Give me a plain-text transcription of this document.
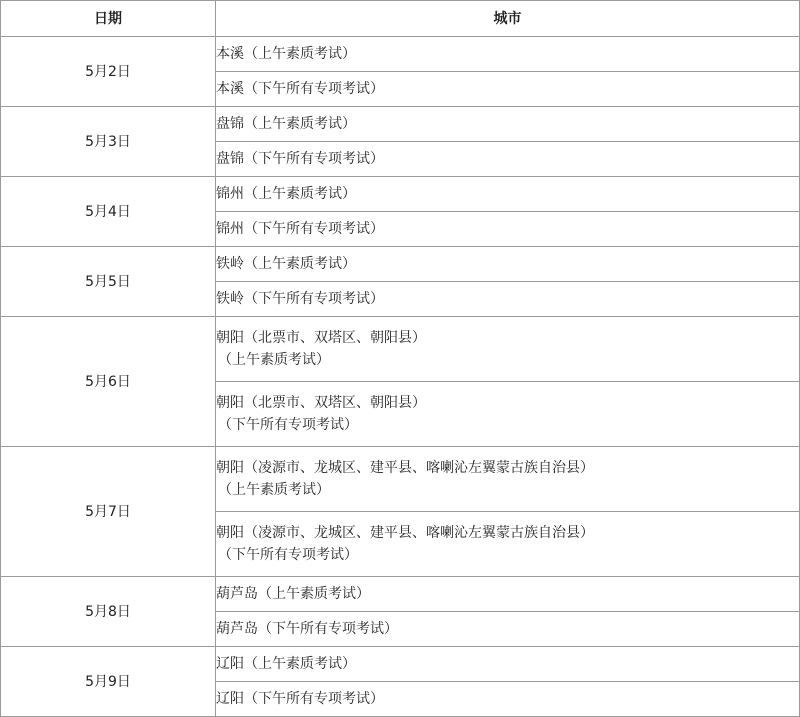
日期	城市
5月2日	本溪（上午素质考试）
	本溪（下午所有专项考试）
5月3日	盘锦（上午素质考试）
	盘锦（下午所有专项考试）
5月4日	锦州（上午素质考试）
	锦州（下午所有专项考试）
5月5日	铁岭（上午素质考试）
	铁岭（下午所有专项考试）
5月6日	朝阳（北票市、双塔区、朝阳县）
（上午素质考试）

	朝阳（北票市、双塔区、朝阳县）
（下午所有专项考试）

5月7日	朝阳（凌源市、龙城区、建平县、喀喇沁左翼蒙古族自治县）
（上午素质考试）

	朝阳（凌源市、龙城区、建平县、喀喇沁左翼蒙古族自治县）
（下午所有专项考试）

5月8日	葫芦岛（上午素质考试）
	葫芦岛（下午所有专项考试）
5月9日	辽阳（上午素质考试）
	辽阳（下午所有专项考试）
